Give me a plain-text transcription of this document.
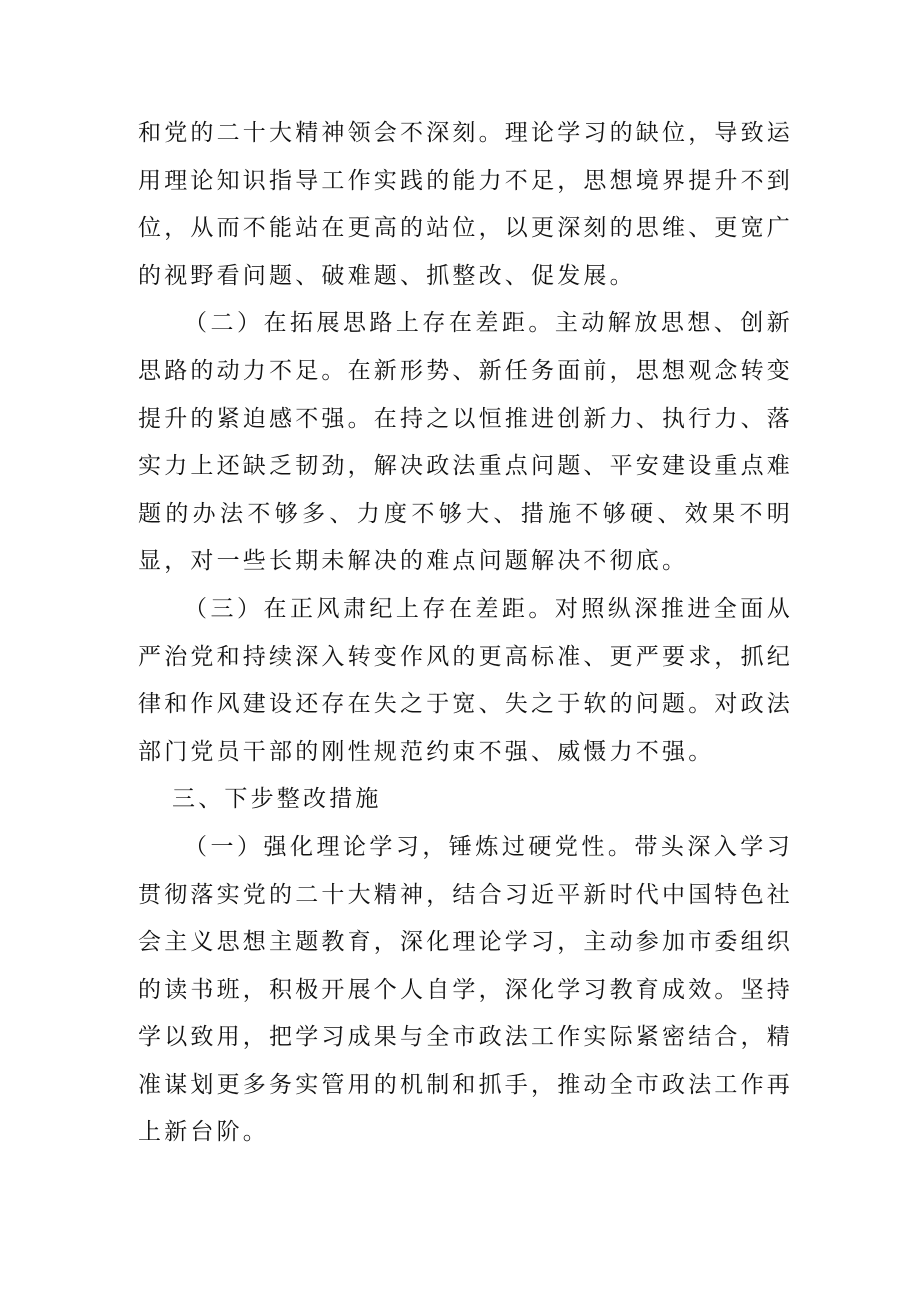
和党的二十大精神领会不深刻。理论学习的缺位，导致运用理论知识指导工作实践的能力不足，思想境界提升不到位，从而不能站在更高的站位，以更深刻的思维、更宽广的视野看问题、破难题、抓整改、促发展。

（二）在拓展思路上存在差距。主动解放思想、创新思路的动力不足。在新形势、新任务面前，思想观念转变提升的紧迫感不强。在持之以恒推进创新力、执行力、落实力上还缺乏韧劲，解决政法重点问题、平安建设重点难题的办法不够多、力度不够大、措施不够硬、效果不明显，对一些长期未解决的难点问题解决不彻底。

（三）在正风肃纪上存在差距。对照纵深推进全面从严治党和持续深入转变作风的更高标准、更严要求，抓纪律和作风建设还存在失之于宽、失之于软的问题。对政法部门党员干部的刚性规范约束不强、威慑力不强。

三、下步整改措施

（一）强化理论学习，锤炼过硬党性。带头深入学习贯彻落实党的二十大精神，结合习近平新时代中国特色社会主义思想主题教育，深化理论学习，主动参加市委组织的读书班，积极开展个人自学，深化学习教育成效。坚持学以致用，把学习成果与全市政法工作实际紧密结合，精准谋划更多务实管用的机制和抓手，推动全市政法工作再上新台阶。
